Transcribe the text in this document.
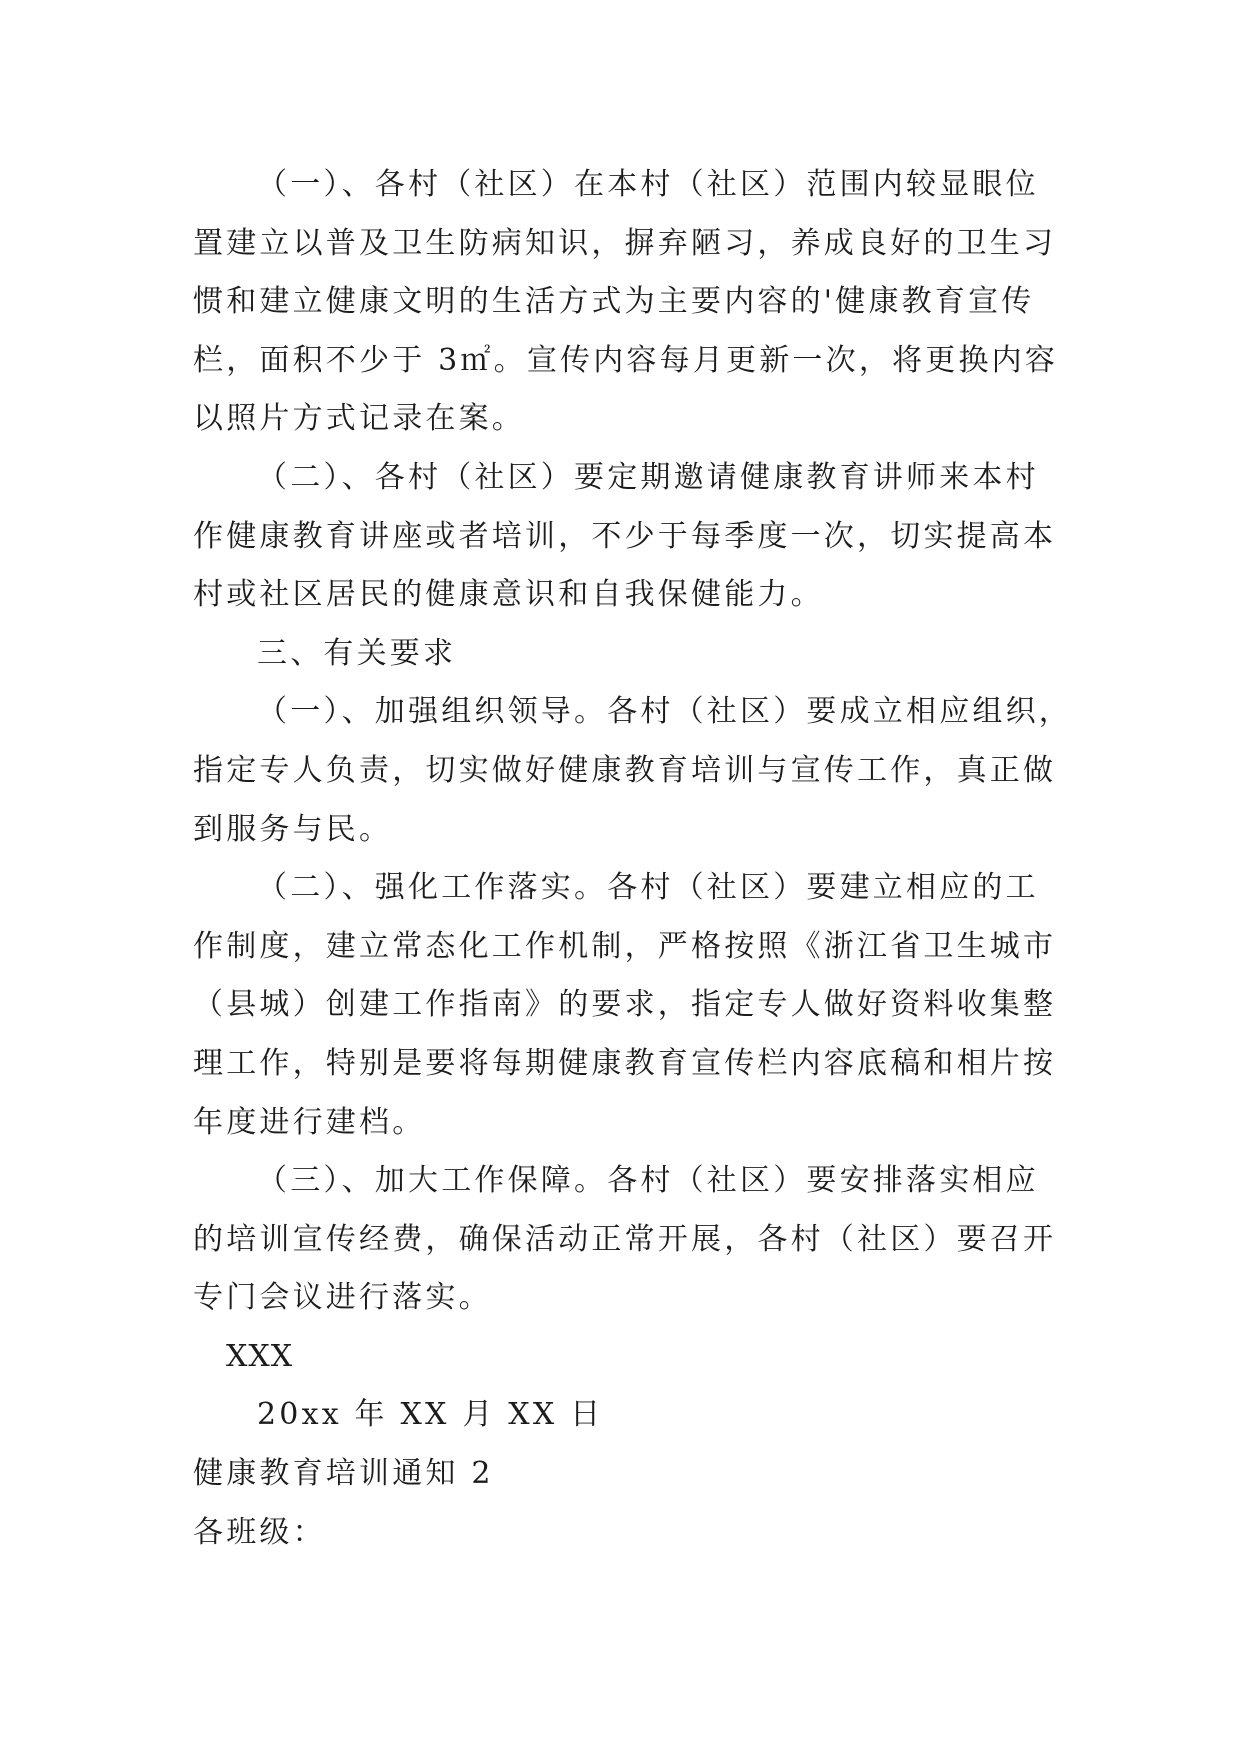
（一）、各村（社区）在本村（社区）范围内较显眼位
置建立以普及卫生防病知识，摒弃陋习，养成良好的卫生习
惯和建立健康文明的生活方式为主要内容的'健康教育宣传
栏，面积不少于 3㎡。宣传内容每月更新一次，将更换内容
以照片方式记录在案。
（二）、各村（社区）要定期邀请健康教育讲师来本村
作健康教育讲座或者培训，不少于每季度一次，切实提高本
村或社区居民的健康意识和自我保健能力。
三、有关要求
（一）、加强组织领导。各村（社区）要成立相应组织，
指定专人负责，切实做好健康教育培训与宣传工作，真正做
到服务与民。
（二）、强化工作落实。各村（社区）要建立相应的工
作制度，建立常态化工作机制，严格按照《浙江省卫生城市
（县城）创建工作指南》的要求，指定专人做好资料收集整
理工作，特别是要将每期健康教育宣传栏内容底稿和相片按
年度进行建档。
（三）、加大工作保障。各村（社区）要安排落实相应
的培训宣传经费，确保活动正常开展，各村（社区）要召开
专门会议进行落实。
XXX
20xx 年 XX 月 XX 日
健康教育培训通知 2
各班级：
